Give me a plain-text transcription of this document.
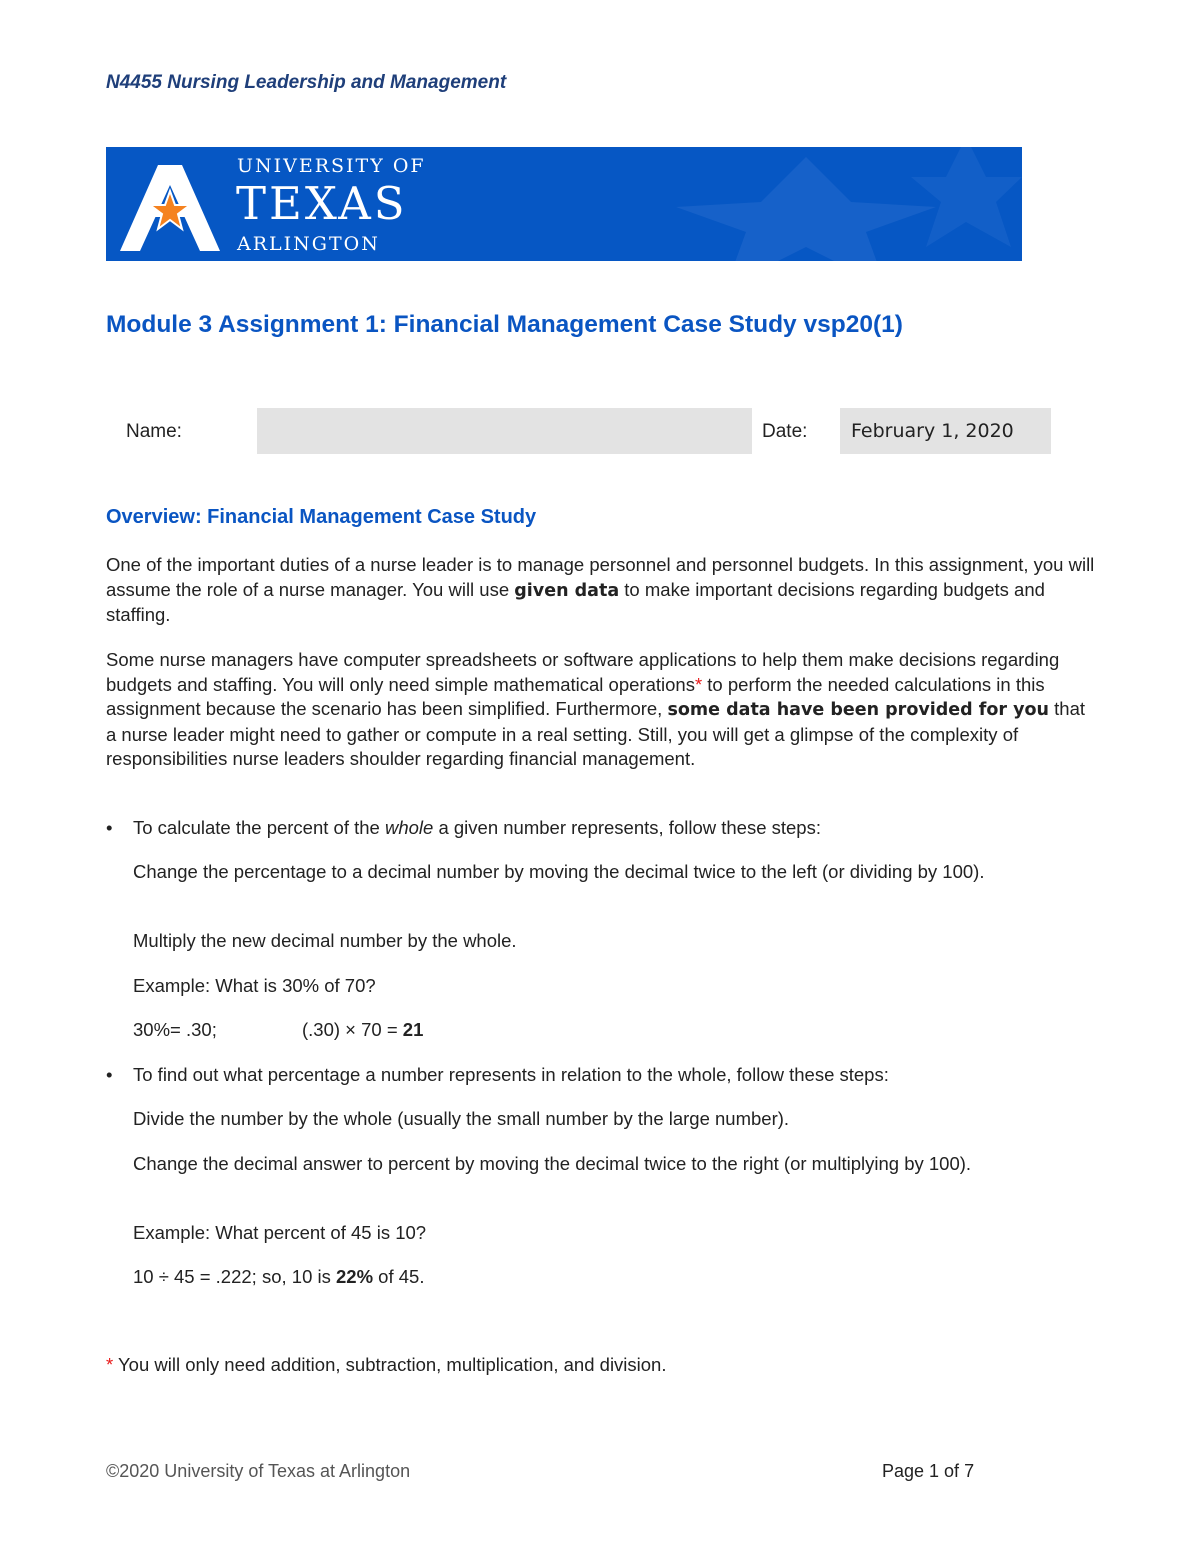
N4455 Nursing Leadership and Management

UNIVERSITY OF
TEXAS
ARLINGTON
Module 3 Assignment 1: Financial Management Case Study vsp20(1)
Name:	Date:	February 1, 2020
Overview: Financial Management Case Study

One of the important duties of a nurse leader is to manage personnel and personnel budgets. In this assignment, you will assume the role of a nurse manager. You will use given data to make important decisions regarding budgets and staffing.

Some nurse managers have computer spreadsheets or software applications to help them make decisions regarding budgets and staffing. You will only need simple mathematical operations* to perform the needed calculations in this assignment because the scenario has been simplified. Furthermore, some data have been provided for you that a nurse leader might need to gather or compute in a real setting. Still, you will get a glimpse of the complexity of responsibilities nurse leaders shoulder regarding financial management.

• To calculate the percent of the whole a given number represents, follow these steps:

Change the percentage to a decimal number by moving the decimal twice to the left (or dividing by 100).

Multiply the new decimal number by the whole.

Example: What is 30% of 70?

30%= .30;	(.30) × 70 = 21
• To find out what percentage a number represents in relation to the whole, follow these steps:

Divide the number by the whole (usually the small number by the large number).

Change the decimal answer to percent by moving the decimal twice to the right (or multiplying by 100).

Example: What percent of 45 is 10?

10 ÷ 45 = .222; so, 10 is 22% of 45.

* You will only need addition, subtraction, multiplication, and division.

©2020 University of Texas at Arlington	Page 1 of 7
